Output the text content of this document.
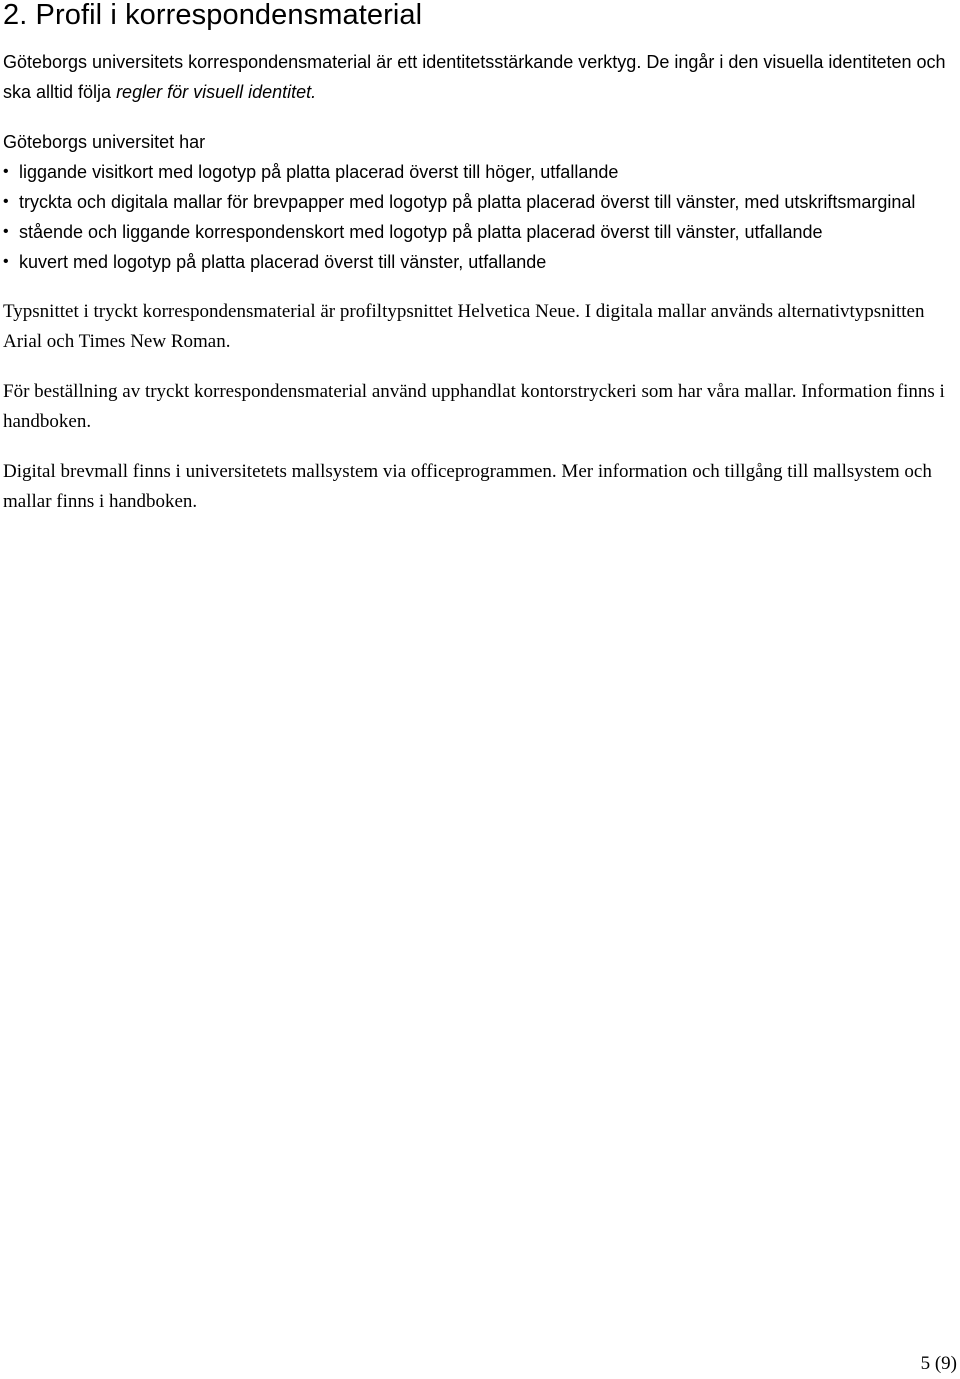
2. Profil i korrespondensmaterial

Göteborgs universitets korrespondensmaterial är ett identitetsstärkande verktyg. De ingår i den visuella identiteten och ska alltid följa regler för visuell identitet.

Göteborgs universitet har

• liggande visitkort med logotyp på platta placerad överst till höger, utfallande
• tryckta och digitala mallar för brevpapper med logotyp på platta placerad överst till vänster, med utskriftsmarginal
• stående och liggande korrespondenskort med logotyp på platta placerad överst till vänster, utfallande
• kuvert med logotyp på platta placerad överst till vänster, utfallande

Typsnittet i tryckt korrespondensmaterial är profiltypsnittet Helvetica Neue. I digitala mallar används alternativtypsnitten Arial och Times New Roman.

För beställning av tryckt korrespondensmaterial använd upphandlat kontorstryckeri som har våra mallar. Information finns i handboken.

Digital brevmall finns i universitetets mallsystem via officeprogrammen. Mer information och tillgång till mallsystem och mallar finns i handboken.

5 (9)
